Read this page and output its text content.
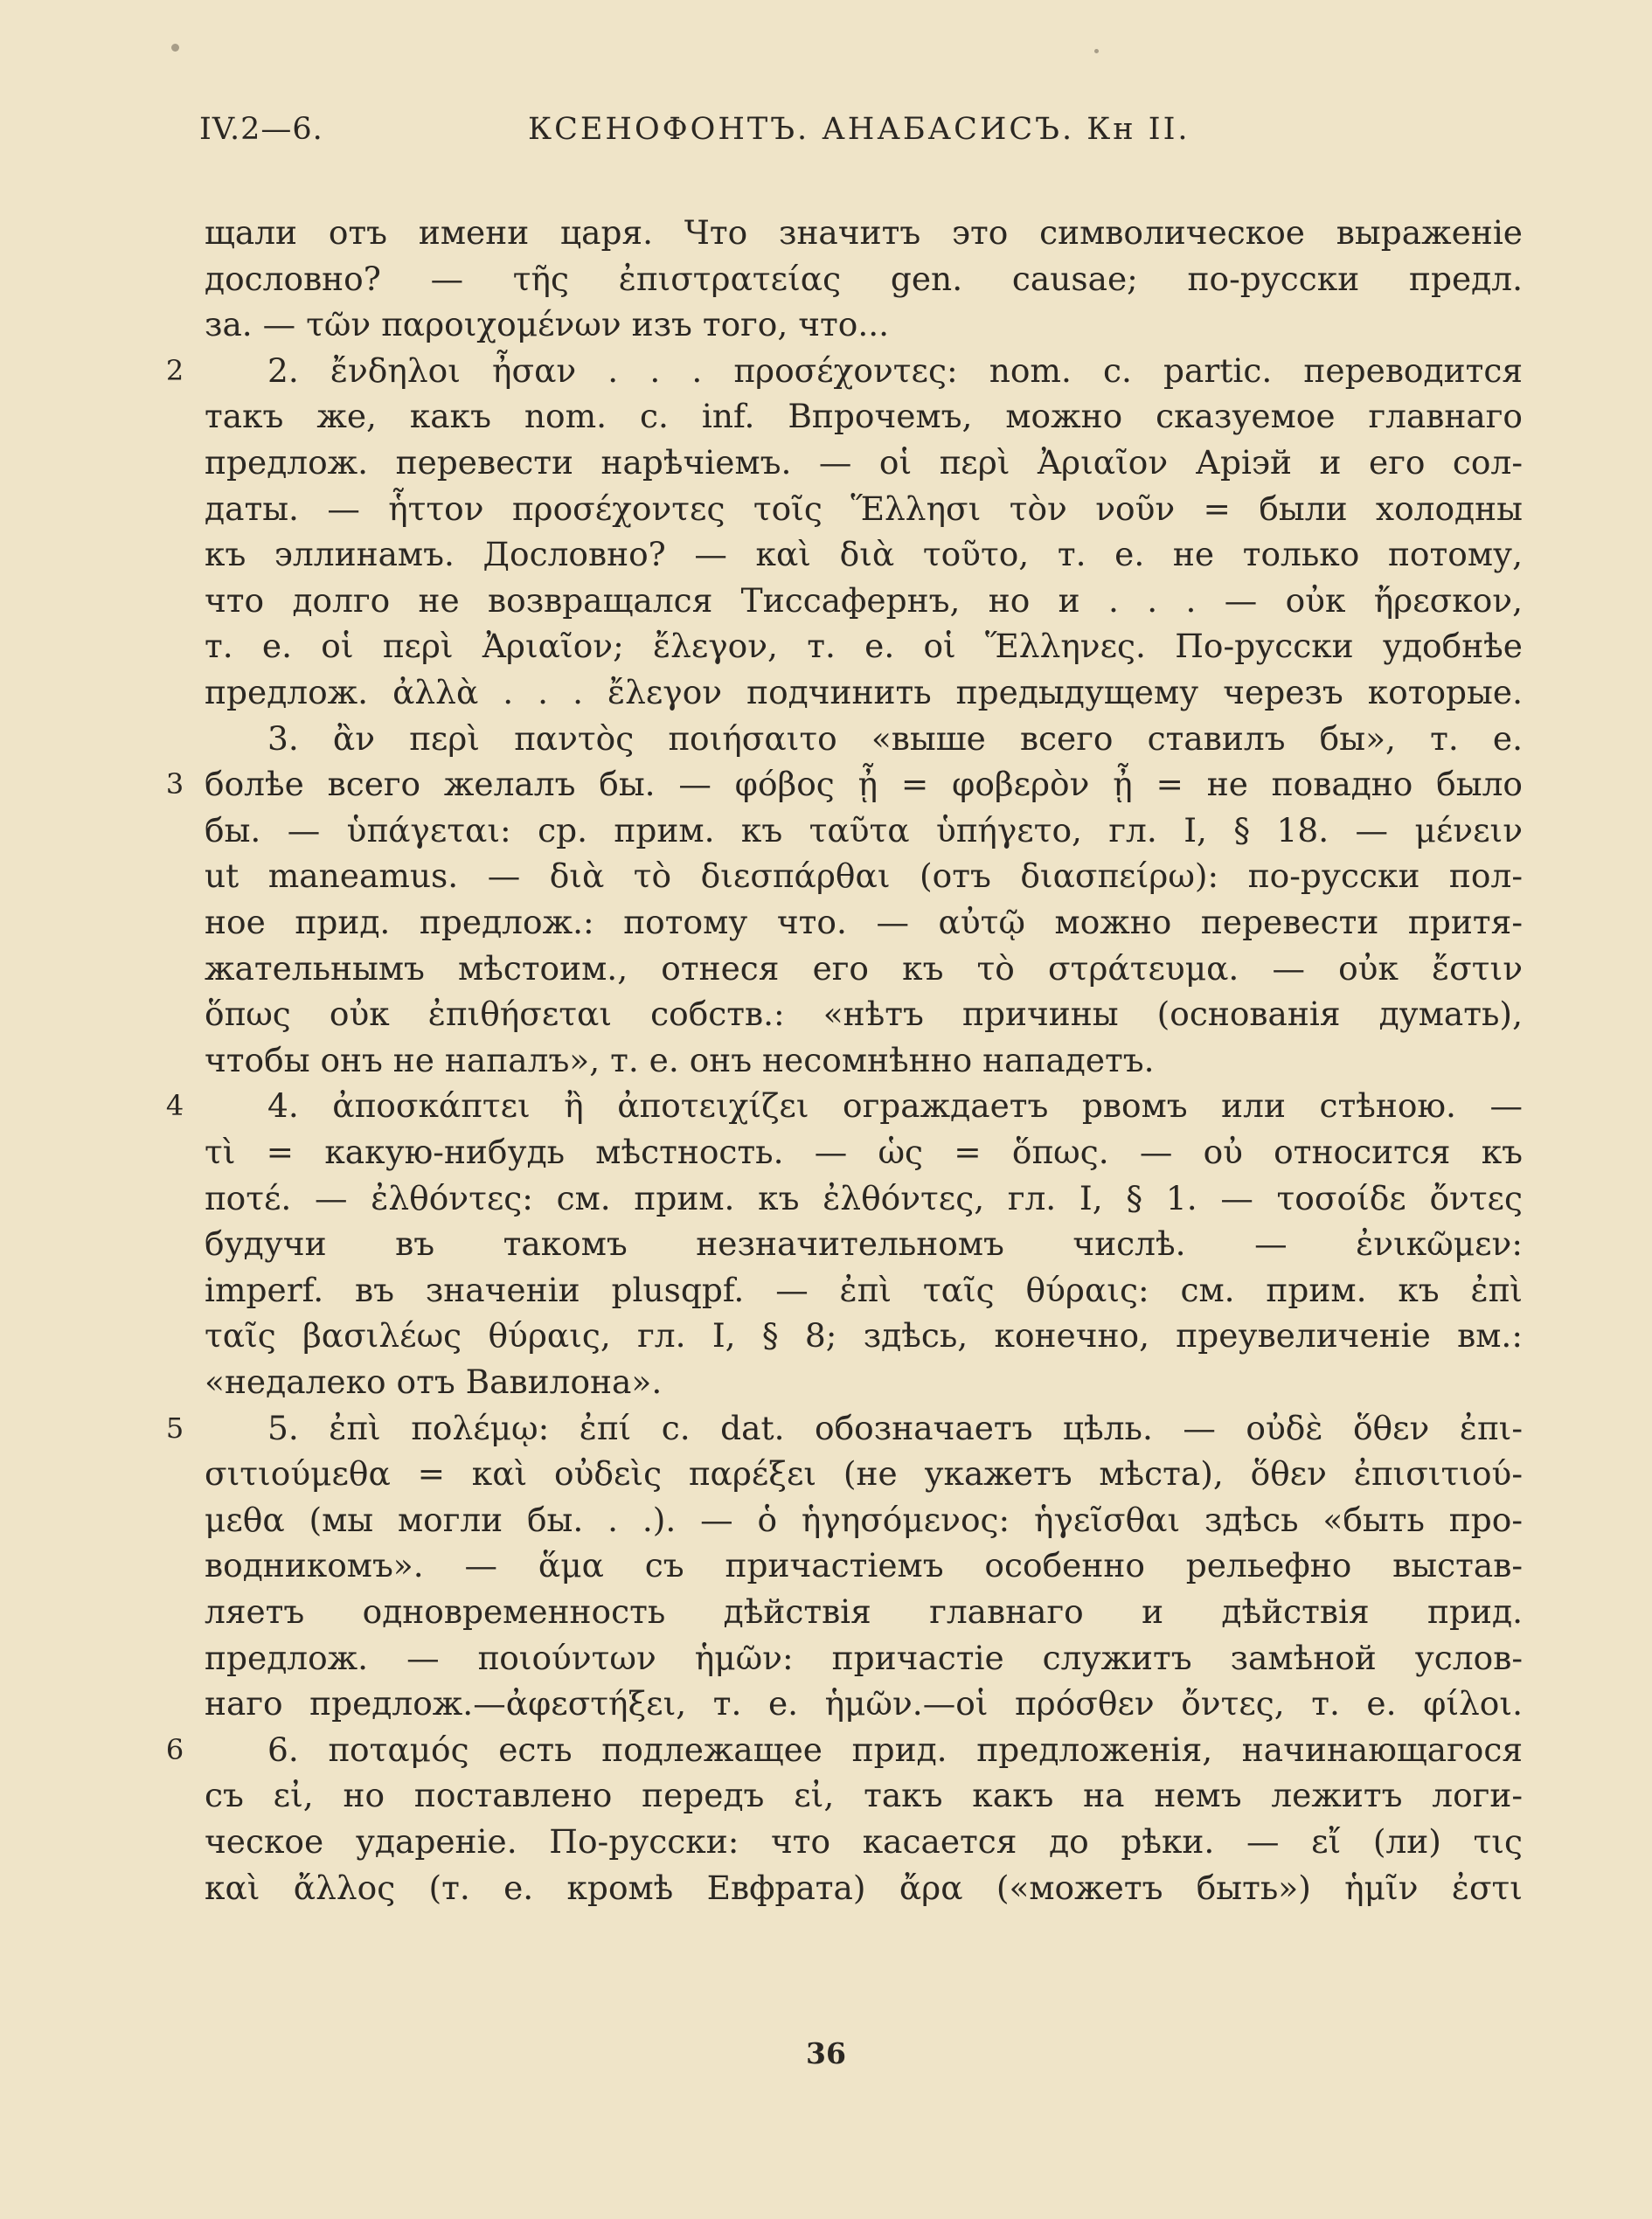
IV.2—6.	КСЕНОФОНТЪ. АНАБАСИСЪ. Кн II.
щали отъ имени царя. Что значитъ это символическое выраженіе
дословно? — τῆς ἐπιστρατείας gen. causae; по-русски предл.
за. — τῶν παροιχομένων изъ того, что...
2	2. ἔνδηλοι ἦσαν . . . προσέχοντες: nom. c. partic. переводится
такъ же, какъ nom. c. inf. Впрочемъ, можно сказуемое главнаго
предлож. перевести нарѣчіемъ. — οἱ περὶ Ἀριαῖον Аріэй и его сол-
даты. — ἧττον προσέχοντες τοῖς Ἕλλησι τὸν νοῦν = были холодны
къ эллинамъ. Дословно? — καὶ διὰ τοῦτο, т. е. не только потому,
что долго не возвращался Тиссафернъ, но и . . . — οὐκ ἤρεσκον,
т. е. οἱ περὶ Ἀριαῖον; ἔλεγον, т. е. οἱ Ἕλληνες. По-русски удобнѣе
предлож. ἀλλὰ . . . ἔλεγον подчинить предыдущему черезъ которые.
3. ἂν περὶ παντὸς ποιήσαιτο «выше всего ставилъ бы», т. е.
3 болѣе всего желалъ бы. — φόβος ᾖ = φοβερὸν ᾖ = не повадно было
бы. — ὑπάγεται: ср. прим. къ ταῦτα ὑπήγετο, гл. I, § 18. — μένειν
ut maneamus. — διὰ τὸ διεσπάρθαι (отъ διασπείρω): по-русски пол-
ное прид. предлож.: потому что. — αὐτῷ можно перевести притя-
жательнымъ мѣстоим., отнеся его къ τὸ στράτευμα. — οὐκ ἔστιν
ὅπως οὐκ ἐπιθήσεται собств.: «нѣтъ причины (основанія думать),
чтобы онъ не напалъ», т. е. онъ несомнѣнно нападетъ.
4	4. ἀποσκάπτει ἢ ἀποτειχίζει ограждаетъ рвомъ или стѣною. —
τὶ = какую-нибудь мѣстность. — ὡς = ὅπως. — οὐ относится къ
ποτέ. — ἐλθόντες: см. прим. къ ἐλθόντες, гл. I, § 1. — τοσοίδε ὄντες
будучи въ такомъ незначительномъ числѣ. — ἐνικῶμεν:
imperf. въ значеніи plusqpf. — ἐπὶ ταῖς θύραις: см. прим. къ ἐπὶ
ταῖς βασιλέως θύραις, гл. I, § 8; здѣсь, конечно, преувеличеніе вм.:
«недалеко отъ Вавилона».
5	5. ἐπὶ πολέμῳ: ἐπί c. dat. обозначаетъ цѣль. — οὐδὲ ὅθεν ἐπι-
σιτιούμεθα = καὶ οὐδεὶς παρέξει (не укажетъ мѣста), ὅθεν ἐπισιτιού-
μεθα (мы могли бы. . .). — ὁ ἡγησόμενος: ἡγεῖσθαι здѣсь «быть про-
водникомъ». — ἅμα съ причастіемъ особенно рельефно выстав-
ляетъ одновременность дѣйствія главнаго и дѣйствія прид.
предлож. — ποιούντων ἡμῶν: причастіе служитъ замѣной услов-
наго предлож.—ἀφεστήξει, т. е. ἡμῶν.—οἱ πρόσθεν ὄντες, т. е. φίλοι.
6	6. ποταμός есть подлежащее прид. предложенія, начинающагося
съ εἰ, но поставлено передъ εἰ, такъ какъ на немъ лежитъ логи-
ческое удареніе. По-русски: что касается до рѣки. — εἴ (ли) τις
καὶ ἄλλος (т. е. кромѣ Евфрата) ἄρα («можетъ быть») ἡμῖν ἐστι
36
